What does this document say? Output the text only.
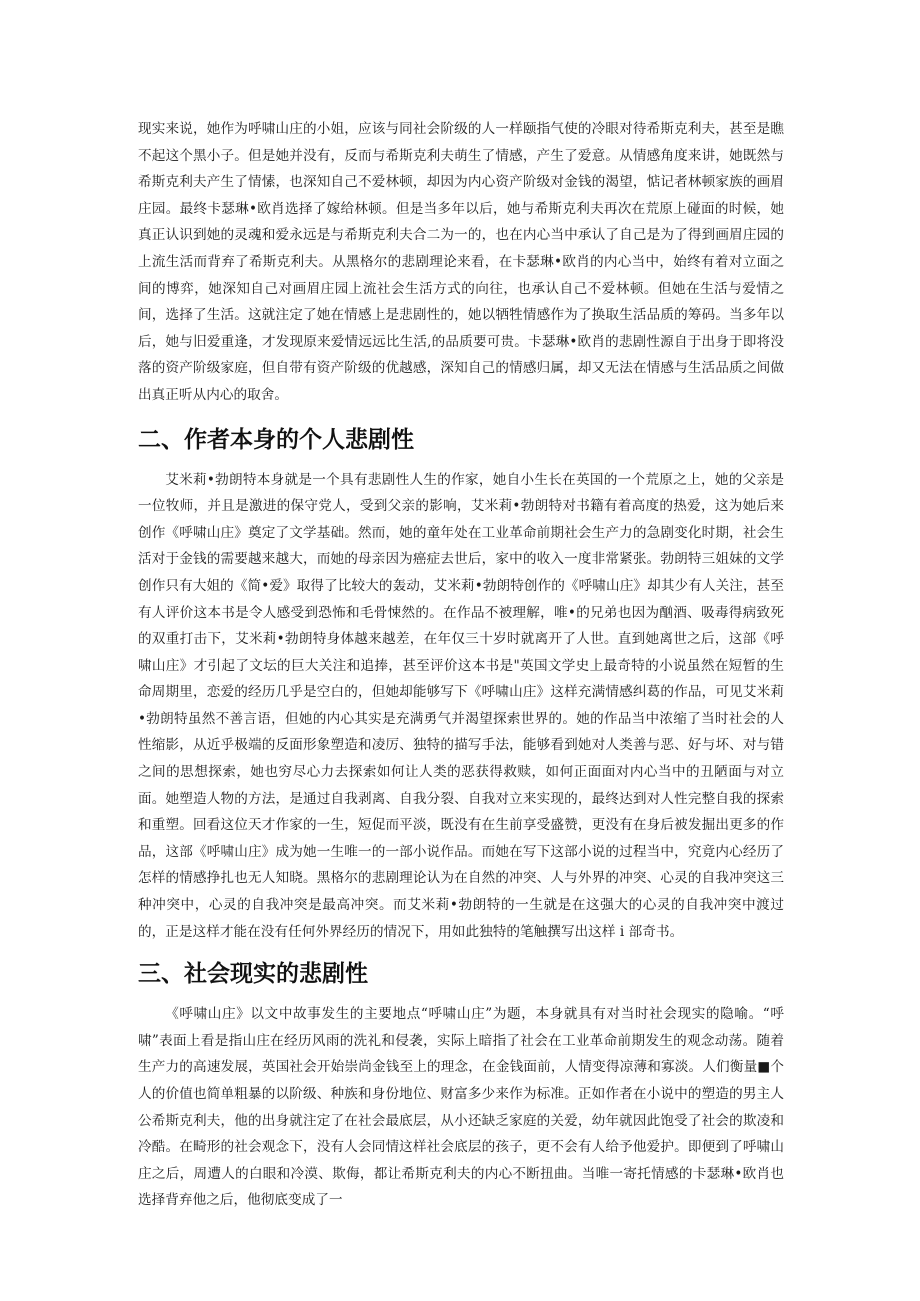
现实来说，她作为呼啸山庄的小姐，应该与同社会阶级的人一样颐指气使的冷眼对待希斯克利夫，甚至是瞧不起这个黑小子。但是她并没有，反而与希斯克利夫萌生了情感，产生了爱意。从情感角度来讲，她既然与希斯克利夫产生了情愫，也深知自己不爱林顿，却因为内心资产阶级对金钱的渴望，惦记者林顿家族的画眉庄园。最终卡瑟琳•欧肖选择了嫁给林顿。但是当多年以后，她与希斯克利夫再次在荒原上碰面的时候，她真正认识到她的灵魂和爱永远是与希斯克利夫合二为一的，也在内心当中承认了自己是为了得到画眉庄园的上流生活而背弃了希斯克利夫。从黑格尔的悲剧理论来看，在卡瑟琳•欧肖的内心当中，始终有着对立面之间的博弈，她深知自己对画眉庄园上流社会生活方式的向往，也承认自己不爱林顿。但她在生活与爱情之间，选择了生活。这就注定了她在情感上是悲剧性的，她以牺牲情感作为了换取生活品质的筹码。当多年以后，她与旧爱重逢，才发现原来爱情远远比生活,的品质要可贵。卡瑟琳•欧肖的悲剧性源自于出身于即将没落的资产阶级家庭，但自带有资产阶级的优越感，深知自己的情感归属，却又无法在情感与生活品质之间做出真正听从内心的取舍。

二、作者本身的个人悲剧性

艾米莉•勃朗特本身就是一个具有悲剧性人生的作家，她自小生长在英国的一个荒原之上，她的父亲是一位牧师，并且是激进的保守党人，受到父亲的影响，艾米莉•勃朗特对书籍有着高度的热爱，这为她后来创作《呼啸山庄》奠定了文学基础。然而，她的童年处在工业革命前期社会生产力的急剧变化时期，社会生活对于金钱的需要越来越大，而她的母亲因为癌症去世后，家中的收入一度非常紧张。勃朗特三姐妹的文学创作只有大姐的《简•爱》取得了比较大的轰动，艾米莉•勃朗特创作的《呼啸山庄》却其少有人关注，甚至有人评价这本书是令人感受到恐怖和毛骨悚然的。在作品不被理解，唯•的兄弟也因为酗酒、吸毒得病致死的双重打击下，艾米莉•勃朗特身体越来越差，在年仅三十岁时就离开了人世。直到她离世之后，这部《呼啸山庄》才引起了文坛的巨大关注和追捧，甚至评价这本书是"英国文学史上最奇特的小说虽然在短暂的生命周期里，恋爱的经历几乎是空白的，但她却能够写下《呼啸山庄》这样充满情感纠葛的作品，可见艾米莉•勃朗特虽然不善言语，但她的内心其实是充满勇气并渴望探索世界的。她的作品当中浓缩了当时社会的人性缩影，从近乎极端的反面形象塑造和凌厉、独特的描写手法，能够看到她对人类善与恶、好与坏、对与错之间的思想探索，她也穷尽心力去探索如何让人类的恶获得救赎，如何正面面对内心当中的丑陋面与对立面。她塑造人物的方法，是通过自我剥离、自我分裂、自我对立来实现的，最终达到对人性完整自我的探索和重塑。回看这位天才作家的一生，短促而平淡，既没有在生前享受盛赞，更没有在身后被发掘出更多的作品，这部《呼啸山庄》成为她一生唯一的一部小说作品。而她在写下这部小说的过程当中，究竟内心经历了怎样的情感挣扎也无人知晓。黑格尔的悲剧理论认为在自然的冲突、人与外界的冲突、心灵的自我冲突这三种冲突中，心灵的自我冲突是最高冲突。而艾米莉•勃朗特的一生就是在这强大的心灵的自我冲突中渡过的，正是这样才能在没有任何外界经历的情况下，用如此独特的笔触撰写出这样 i 部奇书。

三、社会现实的悲剧性

《呼啸山庄》以文中故事发生的主要地点“呼啸山庄”为题，本身就具有对当时社会现实的隐喻。“呼啸”表面上看是指山庄在经历风雨的洗礼和侵袭，实际上暗指了社会在工业革命前期发生的观念动荡。随着生产力的高速发展，英国社会开始崇尚金钱至上的理念，在金钱面前，人情变得凉薄和寡淡。人们衡量■个人的价值也简单粗暴的以阶级、种族和身份地位、财富多少来作为标准。正如作者在小说中的塑造的男主人公希斯克利夫，他的出身就注定了在社会最底层，从小还缺乏家庭的关爱，幼年就因此饱受了社会的欺凌和冷酷。在畸形的社会观念下，没有人会同情这样社会底层的孩子，更不会有人给予他爱护。即便到了呼啸山庄之后，周遭人的白眼和冷漠、欺侮，都让希斯克利夫的内心不断扭曲。当唯一寄托情感的卡瑟琳•欧肖也选择背弃他之后，他彻底变成了一
